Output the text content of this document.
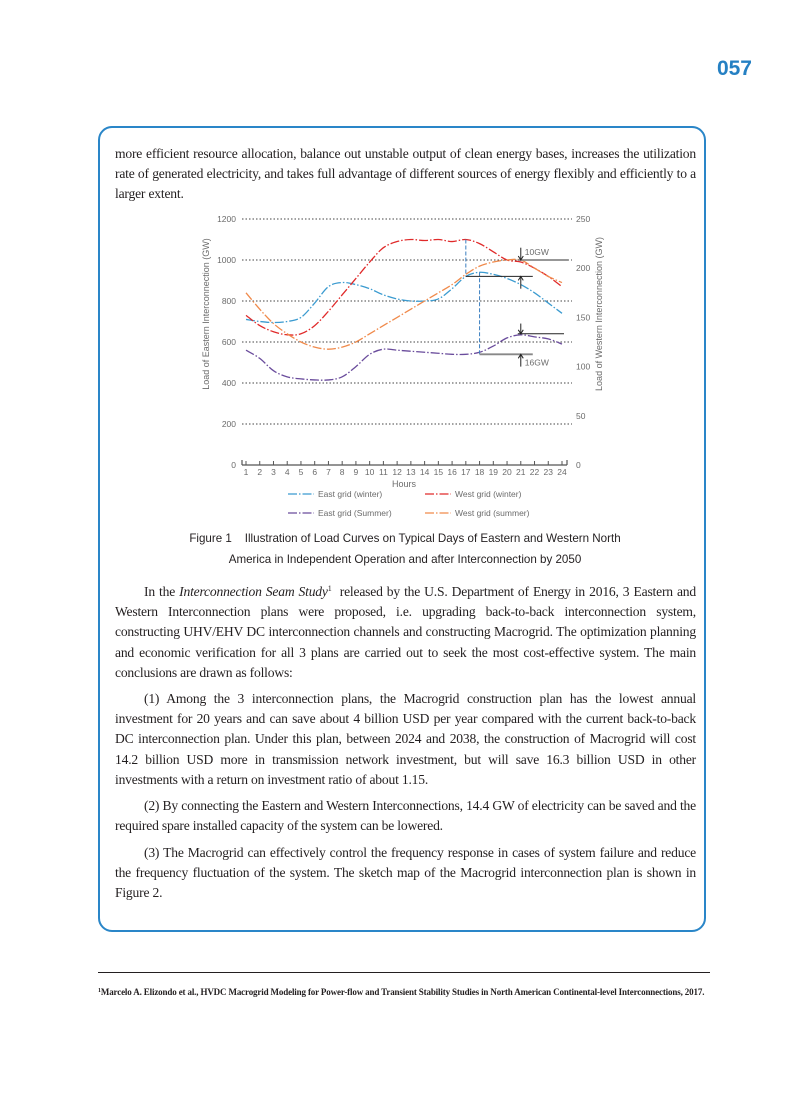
057
more efficient resource allocation, balance out unstable output of clean energy bases, increases the utilization rate of generated electricity, and takes full advantage of different sources of energy flexibly and efficiently to a larger extent.
0
200
400
600
800
1000
1200
0
50
100
150
200
250
1 2 3 4 5 6 7 8 9 10 11 12 13 14 15 16 17 18 19 20 21 22 23 24
10GW
16GW
Load of Eastern Interconnection (GW)	Load of Western Interconnection (GW)
Hours
East grid (winter)	West grid (winter)
East grid (Summer)	West grid (summer)
Figure 1    Illustration of Load Curves on Typical Days of Eastern and Western North
America in Independent Operation and after Interconnection by 2050
In the Interconnection Seam Study$^1$  released by the U.S. Department of Energy in 2016, 3 Eastern and Western Interconnection plans were proposed, i.e. upgrading back-to-back interconnection system, constructing UHV/EHV DC interconnection channels and constructing Macrogrid. The optimization planning and economic verification for all 3 plans are carried out to seek the most cost-effective system. The main conclusions are drawn as follows:
(1) Among the 3 interconnection plans, the Macrogrid construction plan has the lowest annual investment for 20 years and can save about 4 billion USD per year compared with the current back-to-back DC interconnection plan. Under this plan, between 2024 and 2038, the construction of Macrogrid will cost 14.2 billion USD more in transmission network investment, but will save 16.3 billion USD in other investments with a return on investment ratio of about 1.15.
(2) By connecting the Eastern and Western Interconnections, 14.4 GW of electricity can be saved and the required spare installed capacity of the system can be lowered.
(3) The Macrogrid can effectively control the frequency response in cases of system failure and reduce the frequency fluctuation of the system. The sketch map of the Macrogrid interconnection plan is shown in Figure 2.
$^1$Marcelo A. Elizondo et al., HVDC Macrogrid Modeling for Power-flow and Transient Stability Studies in North American Continental-level Interconnections, 2017.
